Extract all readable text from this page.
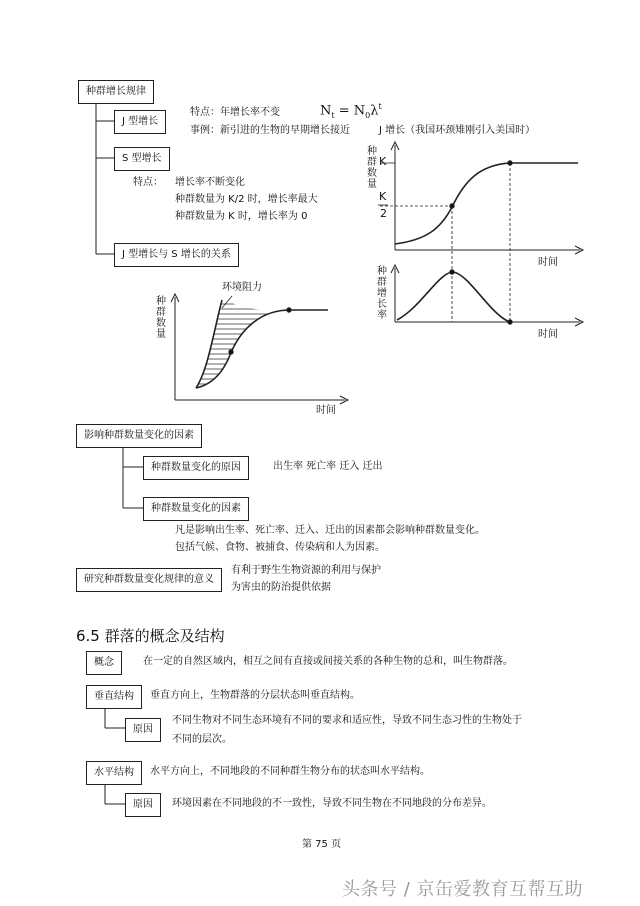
种群增长规律
J 型增长
特点：年增长率不变	$N_t = N_0\lambda^t$
事例：新引进的生物的早期增长接近	J 增长（我国环颈雉刚引入美国时）
S 型增长
特点： 增长率不断变化
种群数量为 K/2 时，增长率最大
种群数量为 K 时，增长率为 0
J 型增长与 S 增长的关系
种群数量
时间
环境阻力
种群数量
时间
K
K
2
种群增长率
时间
影响种群数量变化的因素
种群数量变化的原因	出生率 死亡率 迁入 迁出
种群数量变化的因素
凡是影响出生率、死亡率、迁入、迁出的因素都会影响种群数量变化。
包括气候、食物、被捕食、传染病和人为因素。
研究种群数量变化规律的意义
有利于野生生物资源的利用与保护
为害虫的防治提供依据
6.5 群落的概念及结构
概念	在一定的自然区域内，相互之间有直接或间接关系的各种生物的总和，叫生物群落。
垂直结构	垂直方向上，生物群落的分层状态叫垂直结构。
原因
不同生物对不同生态环境有不同的要求和适应性，导致不同生态习性的生物处于
不同的层次。
水平结构	水平方向上，不同地段的不同种群生物分布的状态叫水平结构。
原因	环境因素在不同地段的不一致性，导致不同生物在不同地段的分布差异。
第 75 页
头条号 / 京缶爱教育互帮互助
